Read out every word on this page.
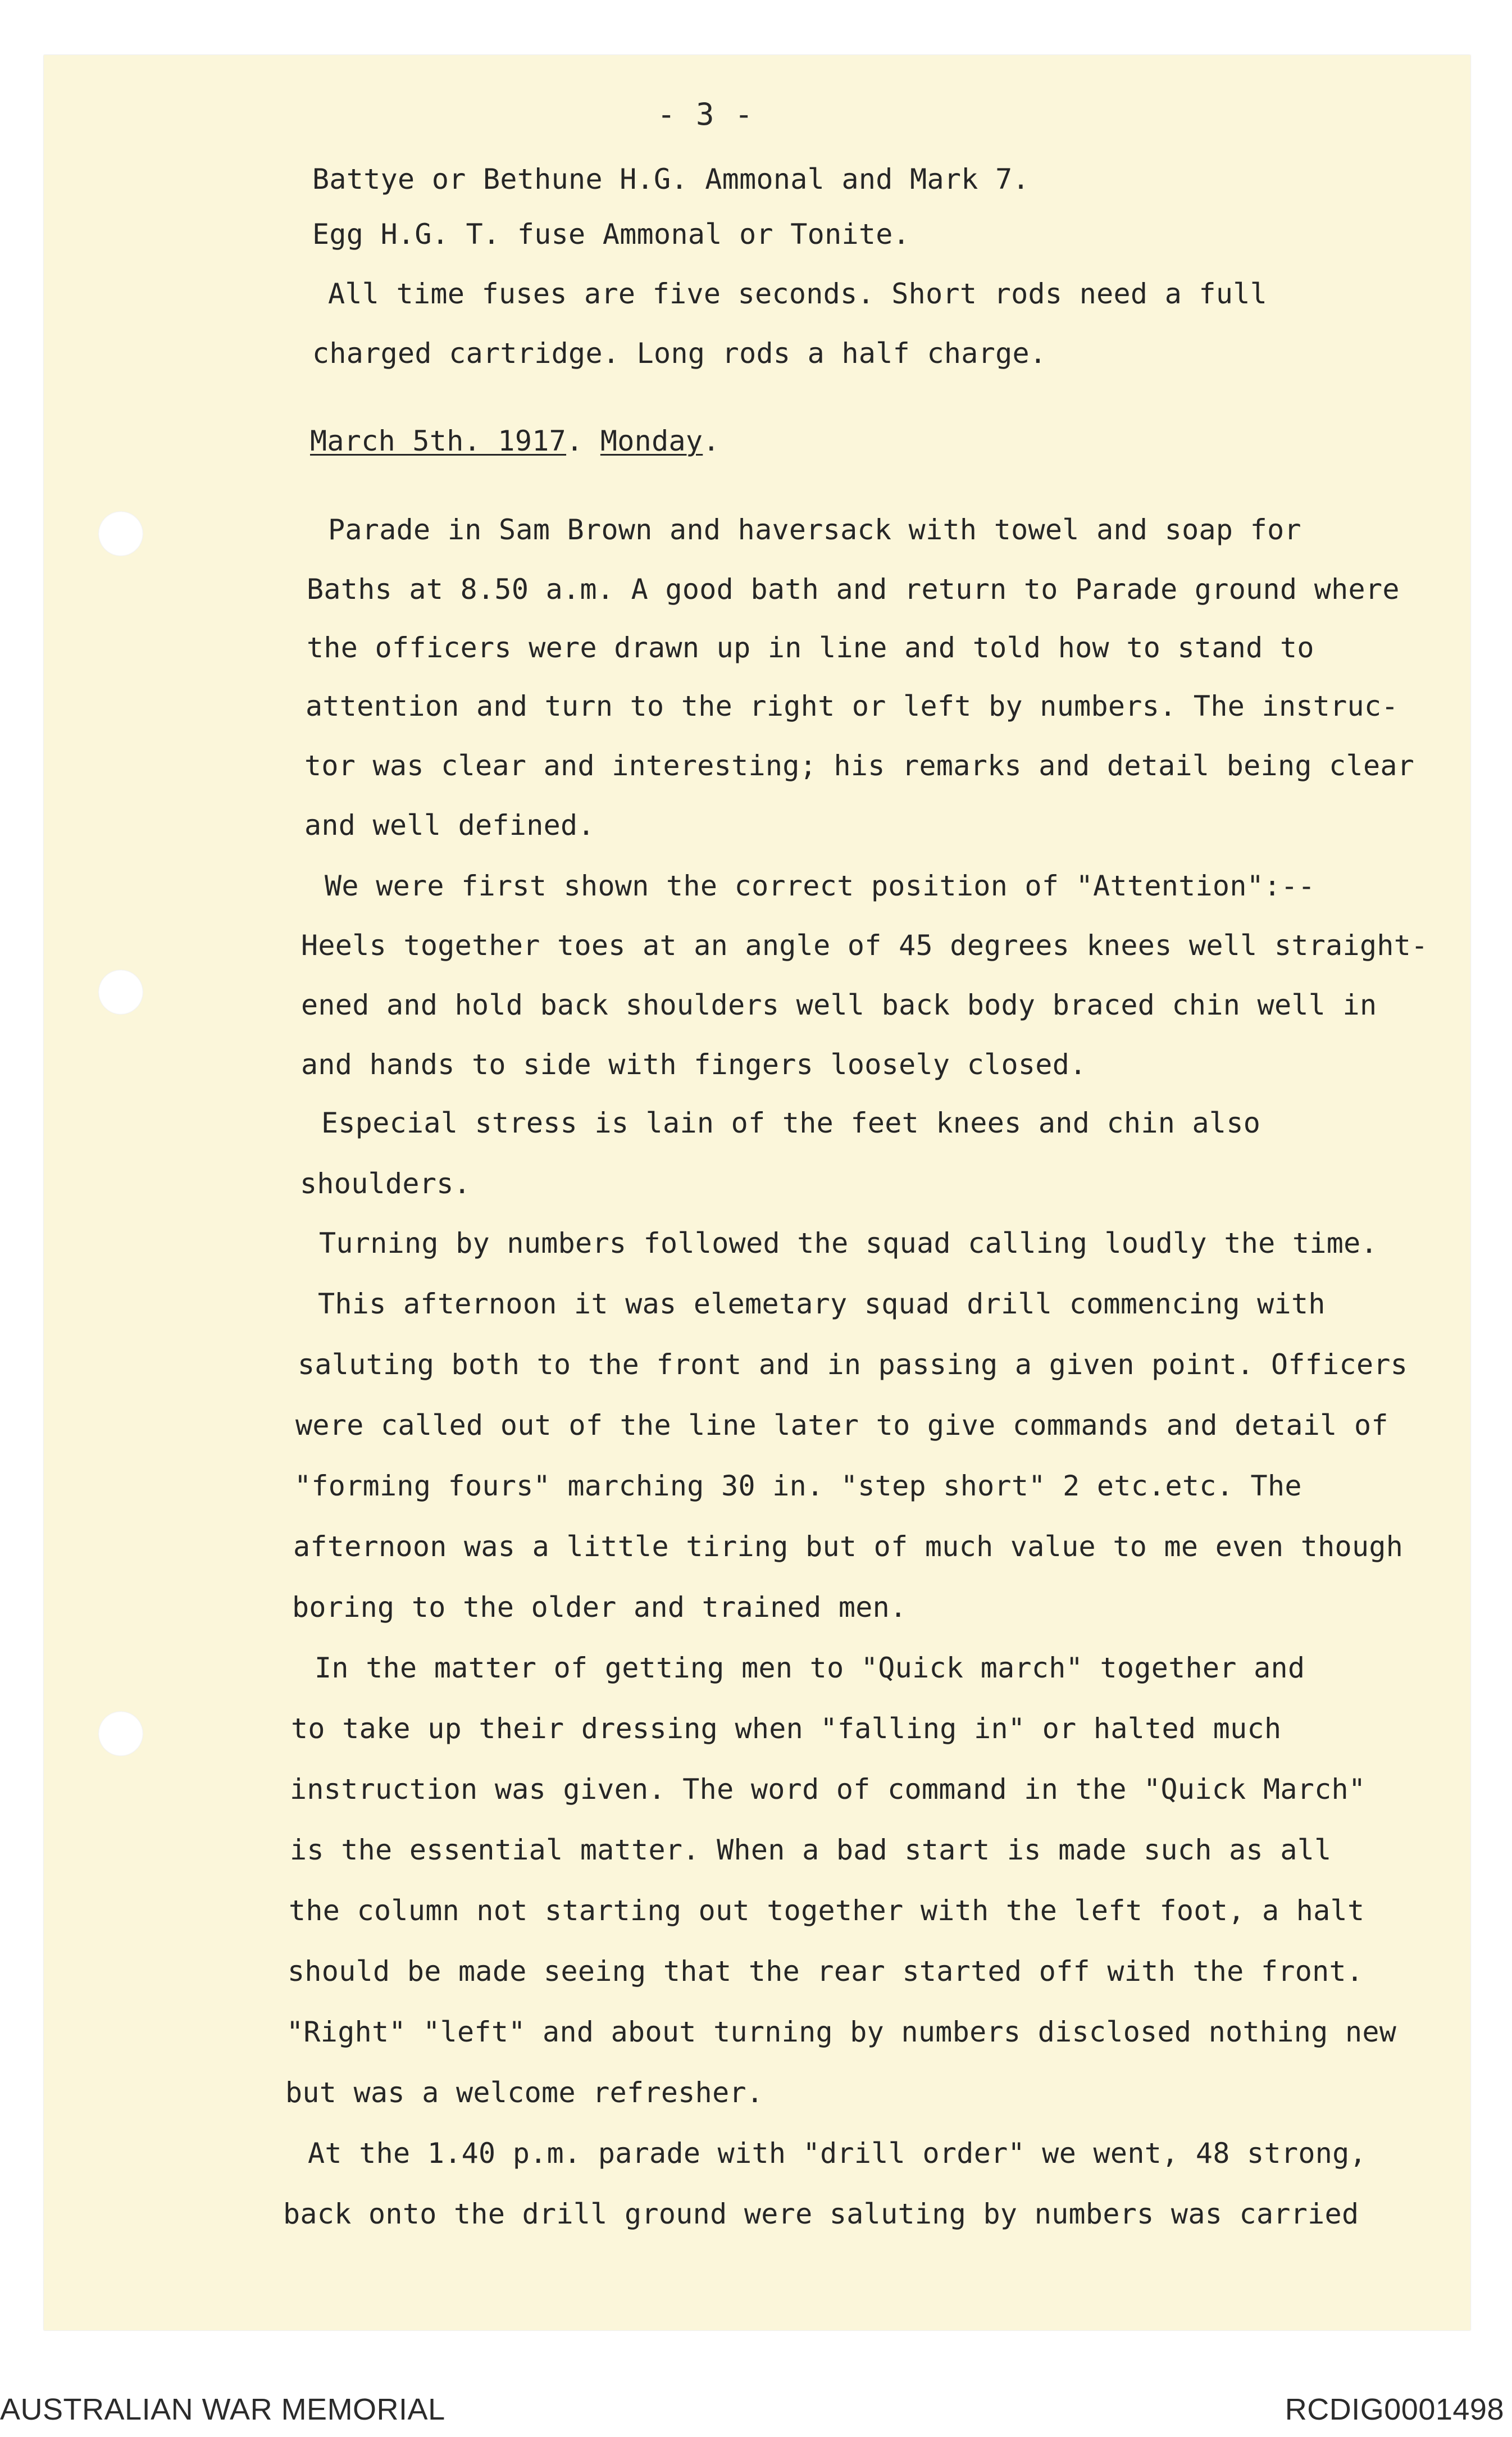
- 3 -
Battye or Bethune H.G. Ammonal and Mark 7.
Egg H.G. T. fuse Ammonal or Tonite.
All time fuses are five seconds. Short rods need a full
charged cartridge. Long rods a half charge.
March 5th. 1917. Monday.
Parade in Sam Brown and haversack with towel and soap for
Baths at 8.50 a.m. A good bath and return to Parade ground where
the officers were drawn up in line and told how to stand to
attention and turn to the right or left by numbers. The instruc-
tor was clear and interesting; his remarks and detail being clear
and well defined.
We were first shown the correct position of "Attention":--
Heels together toes at an angle of 45 degrees knees well straight-
ened and hold back shoulders well back body braced chin well in
and hands to side with fingers loosely closed.
Especial stress is lain of the feet knees and chin also
shoulders.
Turning by numbers followed the squad calling loudly the time.
This afternoon it was elemetary squad drill commencing with
saluting both to the front and in passing a given point. Officers
were called out of the line later to give commands and detail of
"forming fours" marching 30 in. "step short" 2 etc.etc. The
afternoon was a little tiring but of much value to me even though
boring to the older and trained men.
In the matter of getting men to "Quick march" together and
to take up their dressing when "falling in" or halted much
instruction was given. The word of command in the "Quick March"
is the essential matter. When a bad start is made such as all
the column not starting out together with the left foot, a halt
should be made seeing that the rear started off with the front.
"Right" "left" and about turning by numbers disclosed nothing new
but was a welcome refresher.
At the 1.40 p.m. parade with "drill order" we went, 48 strong,
back onto the drill ground were saluting by numbers was carried
AUSTRALIAN WAR MEMORIAL	RCDIG0001498
